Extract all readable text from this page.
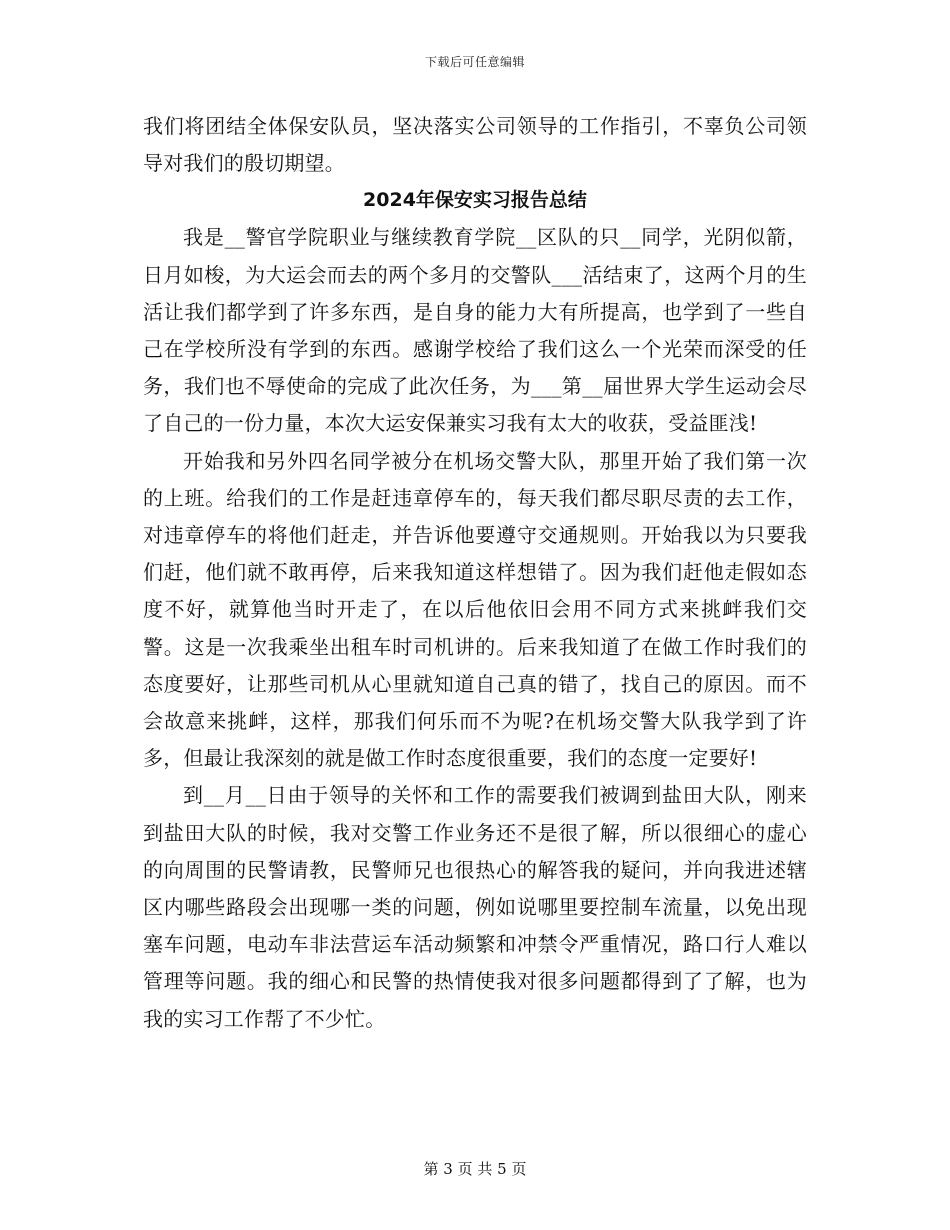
下载后可任意编辑

我们将团结全体保安队员，坚决落实公司领导的工作指引，不辜负公司领导对我们的殷切期望。

2024年保安实习报告总结

我是__警官学院职业与继续教育学院__区队的只__同学，光阴似箭，日月如梭，为大运会而去的两个多月的交警队___活结束了，这两个月的生活让我们都学到了许多东西，是自身的能力大有所提高，也学到了一些自己在学校所没有学到的东西。感谢学校给了我们这么一个光荣而深受的任务，我们也不辱使命的完成了此次任务，为___第__届世界大学生运动会尽了自己的一份力量，本次大运安保兼实习我有太大的收获，受益匪浅!

开始我和另外四名同学被分在机场交警大队，那里开始了我们第一次的上班。给我们的工作是赶违章停车的，每天我们都尽职尽责的去工作，对违章停车的将他们赶走，并告诉他要遵守交通规则。开始我以为只要我们赶，他们就不敢再停，后来我知道这样想错了。因为我们赶他走假如态度不好，就算他当时开走了，在以后他依旧会用不同方式来挑衅我们交警。这是一次我乘坐出租车时司机讲的。后来我知道了在做工作时我们的态度要好，让那些司机从心里就知道自己真的错了，找自己的原因。而不会故意来挑衅，这样，那我们何乐而不为呢?在机场交警大队我学到了许多，但最让我深刻的就是做工作时态度很重要，我们的态度一定要好!

到__月__日由于领导的关怀和工作的需要我们被调到盐田大队，刚来到盐田大队的时候，我对交警工作业务还不是很了解，所以很细心的虚心的向周围的民警请教，民警师兄也很热心的解答我的疑问，并向我进述辖区内哪些路段会出现哪一类的问题，例如说哪里要控制车流量，以免出现塞车问题，电动车非法营运车活动频繁和冲禁令严重情况，路口行人难以管理等问题。我的细心和民警的热情使我对很多问题都得到了了解，也为我的实习工作帮了不少忙。

第 3 页 共 5 页
